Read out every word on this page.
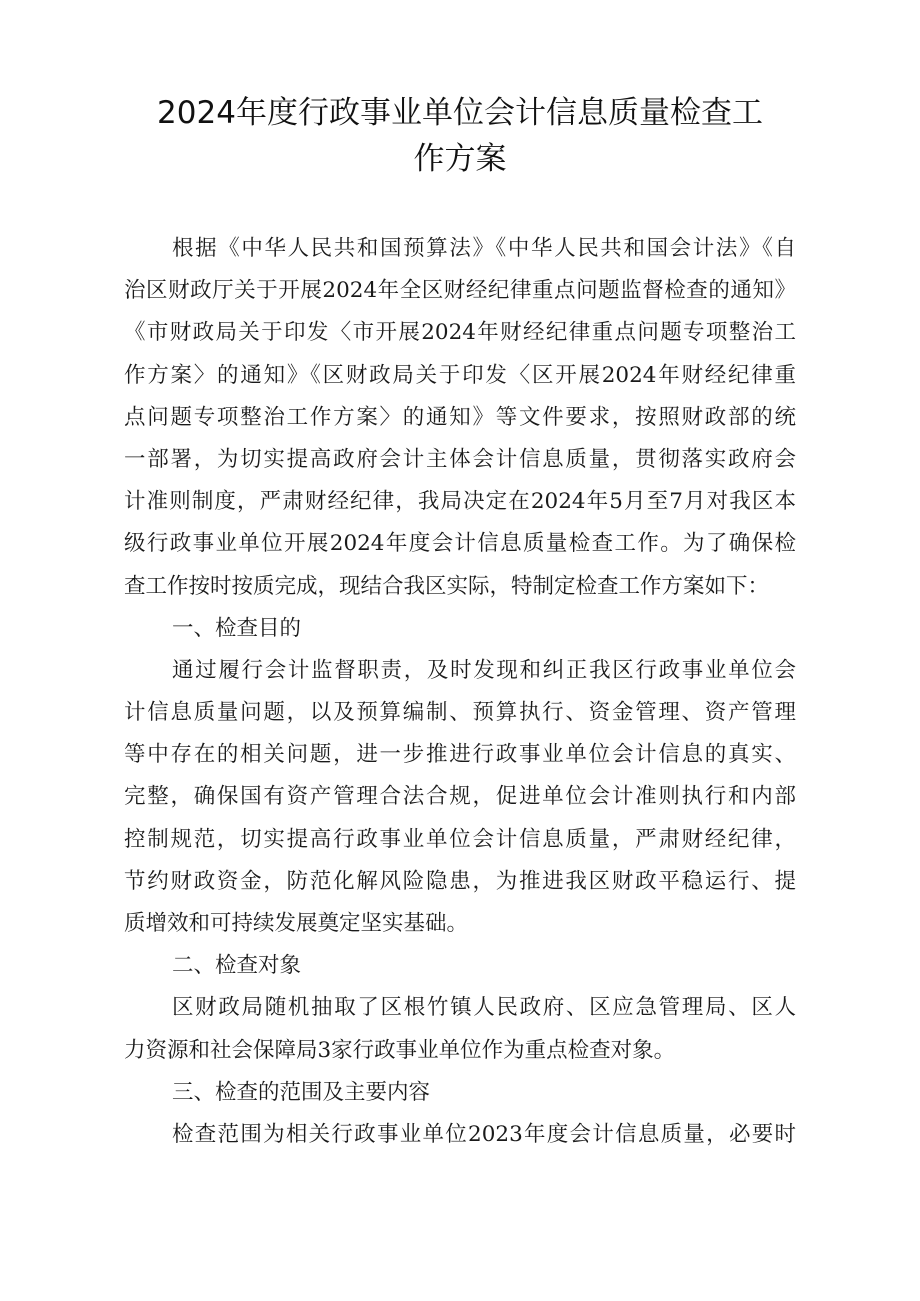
2024年度行政事业单位会计信息质量检查工
作方案
根据《中华人民共和国预算法》《中华人民共和国会计法》《自
治区财政厅关于开展2024年全区财经纪律重点问题监督检查的通知》
《市财政局关于印发〈市开展2024年财经纪律重点问题专项整治工
作方案〉的通知》《区财政局关于印发〈区开展2024年财经纪律重
点问题专项整治工作方案〉的通知》等文件要求，按照财政部的统
一部署，为切实提高政府会计主体会计信息质量，贯彻落实政府会
计准则制度，严肃财经纪律，我局决定在2024年5月至7月对我区本
级行政事业单位开展2024年度会计信息质量检查工作。为了确保检
查工作按时按质完成，现结合我区实际，特制定检查工作方案如下：
一、检查目的
通过履行会计监督职责，及时发现和纠正我区行政事业单位会
计信息质量问题，以及预算编制、预算执行、资金管理、资产管理
等中存在的相关问题，进一步推进行政事业单位会计信息的真实、
完整，确保国有资产管理合法合规，促进单位会计准则执行和内部
控制规范，切实提高行政事业单位会计信息质量，严肃财经纪律，
节约财政资金，防范化解风险隐患，为推进我区财政平稳运行、提
质增效和可持续发展奠定坚实基础。
二、检查对象
区财政局随机抽取了区根竹镇人民政府、区应急管理局、区人
力资源和社会保障局3家行政事业单位作为重点检查对象。
三、检查的范围及主要内容
检查范围为相关行政事业单位2023年度会计信息质量，必要时
